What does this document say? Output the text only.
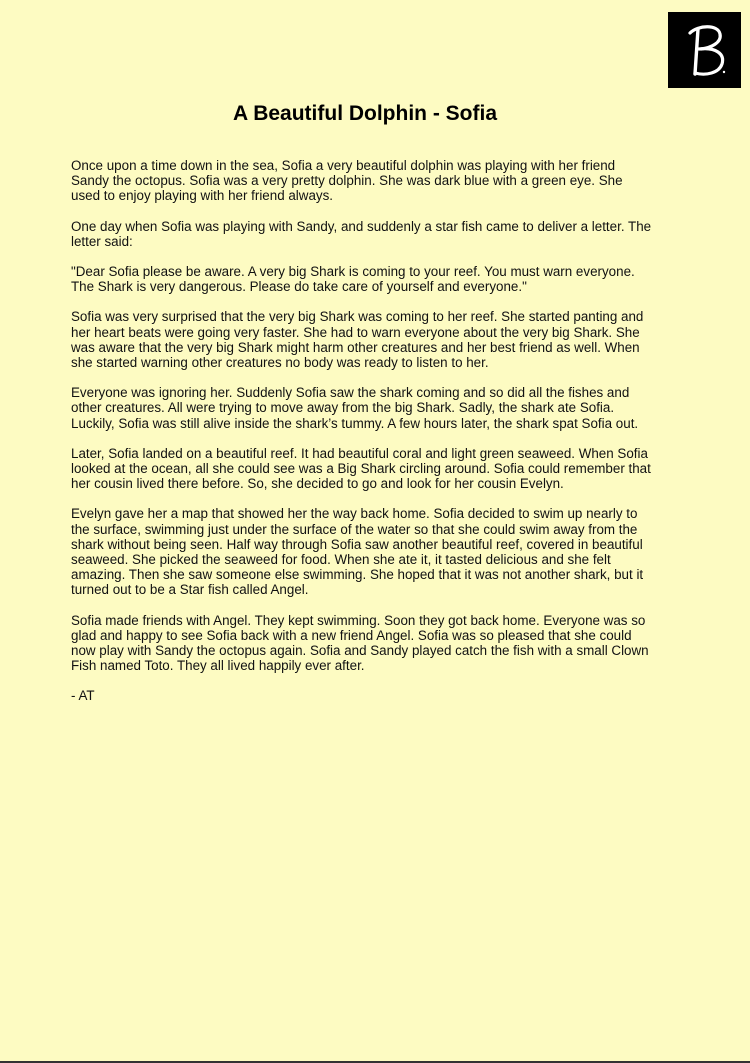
A Beautiful Dolphin - Sofia

Once upon a time down in the sea, Sofia a very beautiful dolphin was playing with her friend
Sandy the octopus. Sofia was a very pretty dolphin. She was dark blue with a green eye. She
used to enjoy playing with her friend always.

One day when Sofia was playing with Sandy, and suddenly a star fish came to deliver a letter. The
letter said:

"Dear Sofia please be aware. A very big Shark is coming to your reef. You must warn everyone.
The Shark is very dangerous. Please do take care of yourself and everyone."

Sofia was very surprised that the very big Shark was coming to her reef. She started panting and
her heart beats were going very faster. She had to warn everyone about the very big Shark. She
was aware that the very big Shark might harm other creatures and her best friend as well. When
she started warning other creatures no body was ready to listen to her.

Everyone was ignoring her. Suddenly Sofia saw the shark coming and so did all the fishes and
other creatures. All were trying to move away from the big Shark. Sadly, the shark ate Sofia.
Luckily, Sofia was still alive inside the shark’s tummy. A few hours later, the shark spat Sofia out.

Later, Sofia landed on a beautiful reef. It had beautiful coral and light green seaweed. When Sofia
looked at the ocean, all she could see was a Big Shark circling around. Sofia could remember that
her cousin lived there before. So, she decided to go and look for her cousin Evelyn.

Evelyn gave her a map that showed her the way back home. Sofia decided to swim up nearly to
the surface, swimming just under the surface of the water so that she could swim away from the
shark without being seen. Half way through Sofia saw another beautiful reef, covered in beautiful
seaweed. She picked the seaweed for food. When she ate it, it tasted delicious and she felt
amazing. Then she saw someone else swimming. She hoped that it was not another shark, but it
turned out to be a Star fish called Angel.

Sofia made friends with Angel. They kept swimming. Soon they got back home. Everyone was so
glad and happy to see Sofia back with a new friend Angel. Sofia was so pleased that she could
now play with Sandy the octopus again. Sofia and Sandy played catch the fish with a small Clown
Fish named Toto. They all lived happily ever after.

- AT
